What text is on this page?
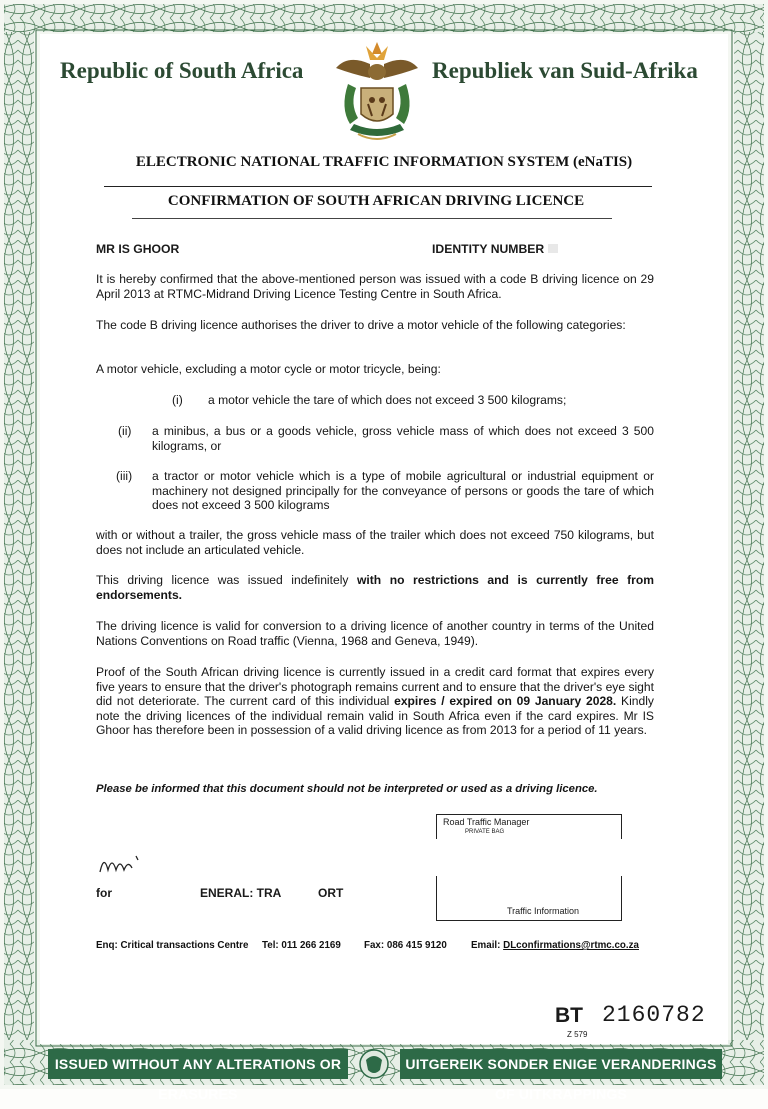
Republic of South Africa	Republiek van Suid-Afrika
ELECTRONIC NATIONAL TRAFFIC INFORMATION SYSTEM (eNaTIS)
CONFIRMATION OF SOUTH AFRICAN DRIVING LICENCE
MR IS GHOOR	IDENTITY NUMBER
It is hereby confirmed that the above-mentioned person was issued with a code B driving licence on 29 April 2013 at RTMC-Midrand Driving Licence Testing Centre in South Africa.
The code B driving licence authorises the driver to drive a motor vehicle of the following categories:
A motor vehicle, excluding a motor cycle or motor tricycle, being:
(i) a motor vehicle the tare of which does not exceed 3 500 kilograms;
(ii) a minibus, a bus or a goods vehicle, gross vehicle mass of which does not exceed 3 500 kilograms, or
(iii) a tractor or motor vehicle which is a type of mobile agricultural or industrial equipment or machinery not designed principally for the conveyance of persons or goods the tare of which does not exceed 3 500 kilograms
with or without a trailer, the gross vehicle mass of the trailer which does not exceed 750 kilograms, but does not include an articulated vehicle.
This driving licence was issued indefinitely with no restrictions and is currently free from endorsements.
The driving licence is valid for conversion to a driving licence of another country in terms of the United Nations Conventions on Road traffic (Vienna, 1968 and Geneva, 1949).
Proof of the South African driving licence is currently issued in a credit card format that expires every five years to ensure that the driver's photograph remains current and to ensure that the driver's eye sight did not deteriorate. The current card of this individual expires / expired on 09 January 2028. Kindly note the driving licences of the individual remain valid in South Africa even if the card expires. Mr IS Ghoor has therefore been in possession of a valid driving licence as from 2013 for a period of 11 years.
Please be informed that this document should not be interpreted or used as a driving licence.
for	ENERAL: TRA	ORT
Road Traffic Manager
PRIVATE BAG
Traffic Information
Enq: Critical transactions Centre Tel: 011 266 2169 Fax: 086 415 9120 Email: DLconfirmations@rtmc.co.za
BT 2160782
Z 579
ISSUED WITHOUT ANY ALTERATIONS OR ERASURES
UITGEREIK SONDER ENIGE VERANDERINGS OF UITKRAPPINGS
